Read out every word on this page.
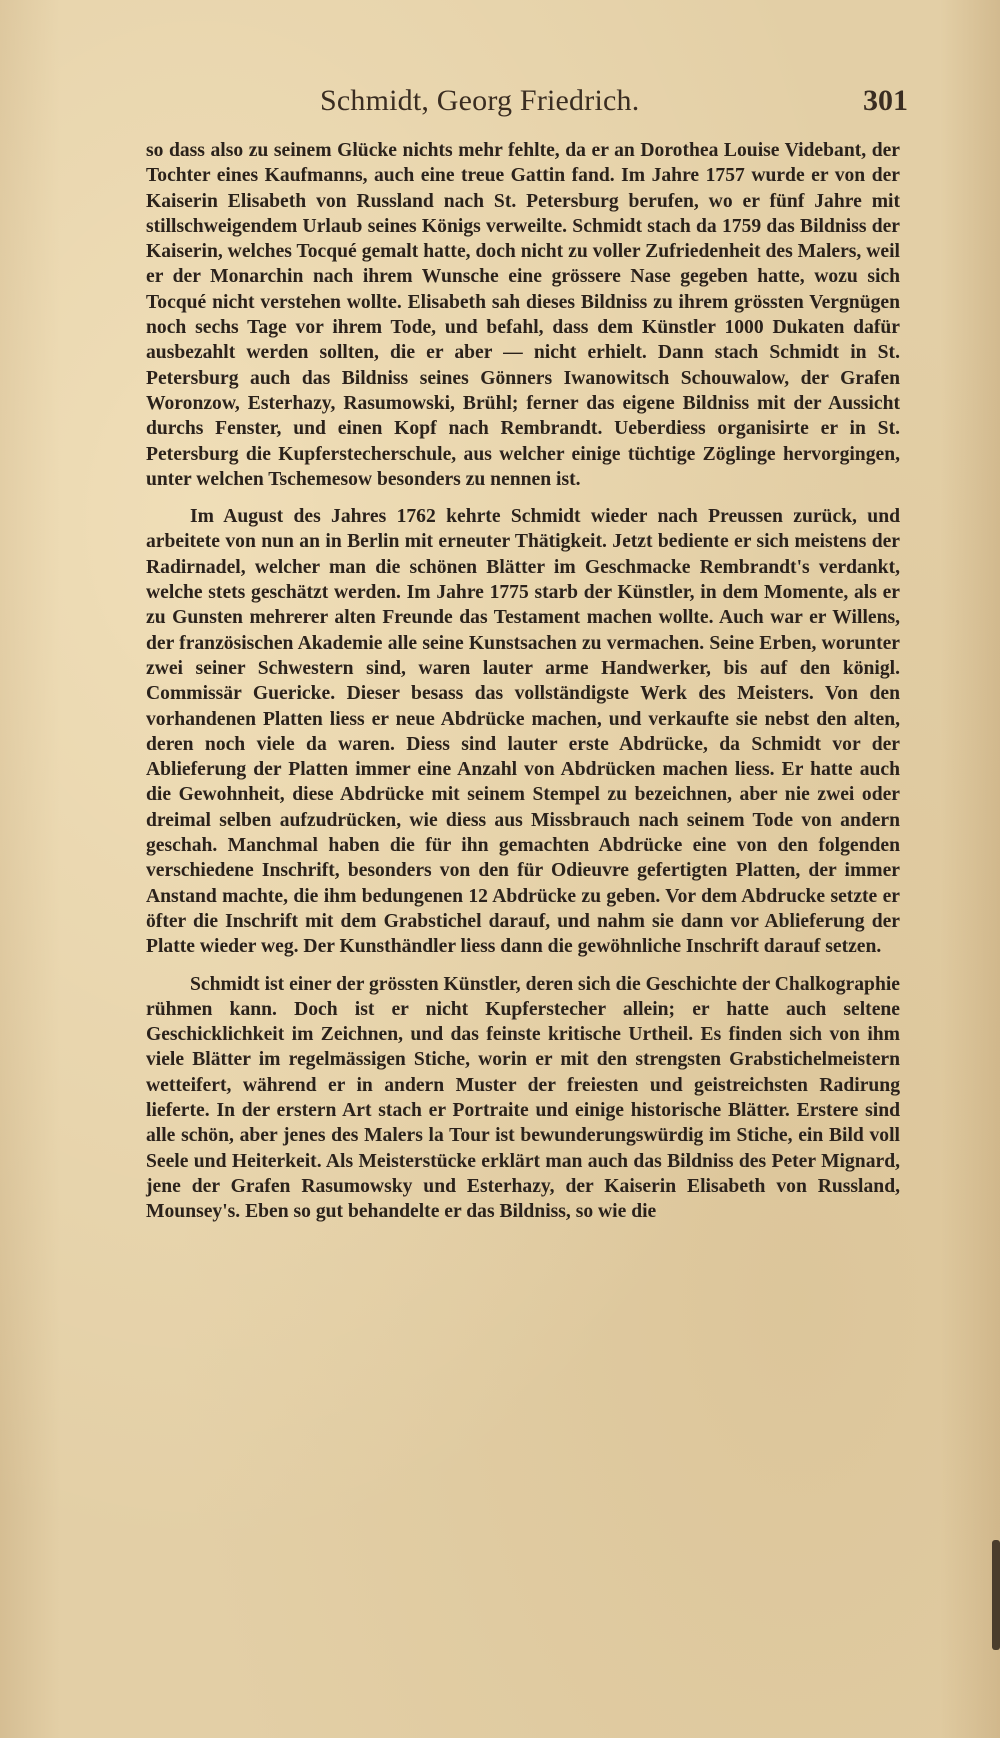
Schmidt, Georg Friedrich.	301

so dass also zu seinem Glücke nichts mehr fehlte, da er an Dorothea Louise Videbant, der Tochter eines Kaufmanns, auch eine treue Gattin fand. Im Jahre 1757 wurde er von der Kaiserin Elisabeth von Russland nach St. Petersburg berufen, wo er fünf Jahre mit stillschweigendem Urlaub seines Königs verweilte. Schmidt stach da 1759 das Bildniss der Kaiserin, welches Tocqué gemalt hatte, doch nicht zu voller Zufriedenheit des Malers, weil er der Monarchin nach ihrem Wunsche eine grössere Nase gegeben hatte, wozu sich Tocqué nicht verstehen wollte. Elisabeth sah dieses Bildniss zu ihrem grössten Vergnügen noch sechs Tage vor ihrem Tode, und befahl, dass dem Künstler 1000 Dukaten dafür ausbezahlt werden sollten, die er aber — nicht erhielt. Dann stach Schmidt in St. Petersburg auch das Bildniss seines Gönners Iwanowitsch Schouwalow, der Grafen Woronzow, Esterhazy, Rasumowski, Brühl; ferner das eigene Bildniss mit der Aussicht durchs Fenster, und einen Kopf nach Rembrandt. Ueberdiess organisirte er in St. Petersburg die Kupferstecherschule, aus welcher einige tüchtige Zöglinge hervorgingen, unter welchen Tschemesow besonders zu nennen ist.

Im August des Jahres 1762 kehrte Schmidt wieder nach Preussen zurück, und arbeitete von nun an in Berlin mit erneuter Thätigkeit. Jetzt bediente er sich meistens der Radirnadel, welcher man die schönen Blätter im Geschmacke Rembrandt's verdankt, welche stets geschätzt werden. Im Jahre 1775 starb der Künstler, in dem Momente, als er zu Gunsten mehrerer alten Freunde das Testament machen wollte. Auch war er Willens, der französischen Akademie alle seine Kunstsachen zu vermachen. Seine Erben, worunter zwei seiner Schwestern sind, waren lauter arme Handwerker, bis auf den königl. Commissär Guericke. Dieser besass das vollständigste Werk des Meisters. Von den vorhandenen Platten liess er neue Abdrücke machen, und verkaufte sie nebst den alten, deren noch viele da waren. Diess sind lauter erste Abdrücke, da Schmidt vor der Ablieferung der Platten immer eine Anzahl von Abdrücken machen liess. Er hatte auch die Gewohnheit, diese Abdrücke mit seinem Stempel zu bezeichnen, aber nie zwei oder dreimal selben aufzudrücken, wie diess aus Missbrauch nach seinem Tode von andern geschah. Manchmal haben die für ihn gemachten Abdrücke eine von den folgenden verschiedene Inschrift, besonders von den für Odieuvre gefertigten Platten, der immer Anstand machte, die ihm bedungenen 12 Abdrücke zu geben. Vor dem Abdrucke setzte er öfter die Inschrift mit dem Grabstichel darauf, und nahm sie dann vor Ablieferung der Platte wieder weg. Der Kunsthändler liess dann die gewöhnliche Inschrift darauf setzen.

Schmidt ist einer der grössten Künstler, deren sich die Geschichte der Chalkographie rühmen kann. Doch ist er nicht Kupferstecher allein; er hatte auch seltene Geschicklichkeit im Zeichnen, und das feinste kritische Urtheil. Es finden sich von ihm viele Blätter im regelmässigen Stiche, worin er mit den strengsten Grabstichelmeistern wetteifert, während er in andern Muster der freiesten und geistreichsten Radirung lieferte. In der erstern Art stach er Portraite und einige historische Blätter. Erstere sind alle schön, aber jenes des Malers la Tour ist bewunderungswürdig im Stiche, ein Bild voll Seele und Heiterkeit. Als Meisterstücke erklärt man auch das Bildniss des Peter Mignard, jene der Grafen Rasumowsky und Esterhazy, der Kaiserin Elisabeth von Russland, Mounsey's. Eben so gut behandelte er das Bildniss, so wie die
